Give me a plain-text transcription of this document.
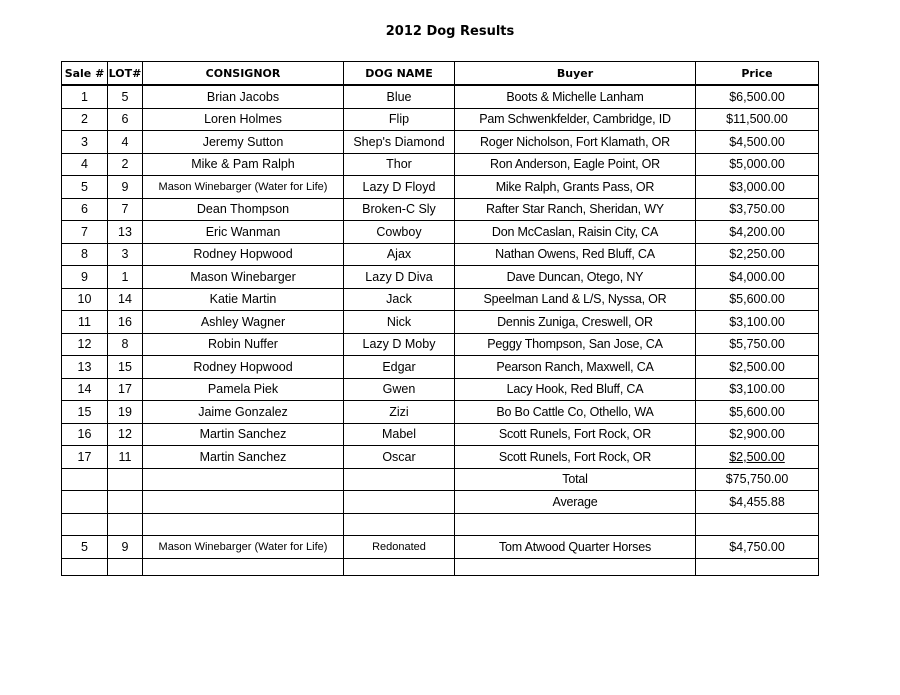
2012 Dog Results
Sale #	LOT#	CONSIGNOR	DOG NAME	Buyer	Price
1	5	Brian Jacobs	Blue	Boots & Michelle Lanham	$6,500.00
2	6	Loren Holmes	Flip	Pam Schwenkfelder, Cambridge, ID	$11,500.00
3	4	Jeremy Sutton	Shep's Diamond	Roger Nicholson, Fort Klamath, OR	$4,500.00
4	2	Mike & Pam Ralph	Thor	Ron Anderson, Eagle Point, OR	$5,000.00
5	9	Mason Winebarger (Water for Life)	Lazy D Floyd	Mike Ralph, Grants Pass, OR	$3,000.00
6	7	Dean Thompson	Broken-C Sly	Rafter Star Ranch, Sheridan, WY	$3,750.00
7	13	Eric Wanman	Cowboy	Don McCaslan, Raisin City, CA	$4,200.00
8	3	Rodney Hopwood	Ajax	Nathan Owens, Red Bluff, CA	$2,250.00
9	1	Mason Winebarger	Lazy D Diva	Dave Duncan, Otego, NY	$4,000.00
10	14	Katie Martin	Jack	Speelman Land & L/S, Nyssa, OR	$5,600.00
11	16	Ashley Wagner	Nick	Dennis Zuniga, Creswell, OR	$3,100.00
12	8	Robin Nuffer	Lazy D Moby	Peggy Thompson, San Jose, CA	$5,750.00
13	15	Rodney Hopwood	Edgar	Pearson Ranch, Maxwell, CA	$2,500.00
14	17	Pamela Piek	Gwen	Lacy Hook, Red Bluff, CA	$3,100.00
15	19	Jaime Gonzalez	Zizi	Bo Bo Cattle Co, Othello, WA	$5,600.00
16	12	Martin Sanchez	Mabel	Scott Runels, Fort Rock, OR	$2,900.00
17	11	Martin Sanchez	Oscar	Scott Runels, Fort Rock, OR	$2,500.00
				Total	$75,750.00
				Average	$4,455.88

5	9	Mason Winebarger (Water for Life)	Redonated	Tom Atwood Quarter Horses	$4,750.00
